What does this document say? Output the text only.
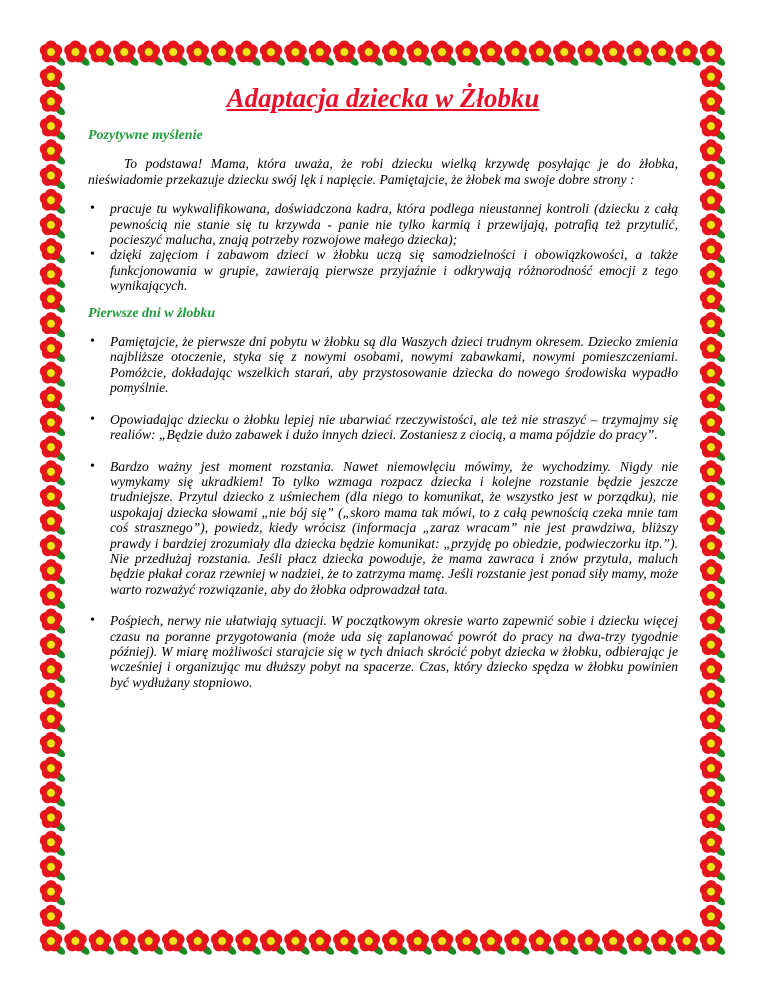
Adaptacja dziecka w Żłobku
Pozytywne myślenie
To podstawa! Mama, która uważa, że robi dziecku wielką krzywdę posyłając je do żłobka, nieświadomie przekazuje dziecku swój lęk i napięcie. Pamiętajcie, że żłobek ma swoje dobre strony :
• pracuje tu wykwalifikowana, doświadczona kadra, która podlega nieustannej kontroli (dziecku z całą pewnością nie stanie się tu krzywda - panie nie tylko karmią i przewijają, potrafią też przytulić, pocieszyć malucha, znają potrzeby rozwojowe małego dziecka);
• dzięki zajęciom i zabawom dzieci w żłobku uczą się samodzielności i obowiązkowości, a także funkcjonowania w grupie, zawierają pierwsze przyjaźnie i odkrywają różnorodność emocji z tego wynikających.
Pierwsze dni w żłobku
• Pamiętajcie, że pierwsze dni pobytu w żłobku są dla Waszych dzieci trudnym okresem. Dziecko zmienia najbliższe otoczenie, styka się z nowymi osobami, nowymi zabawkami, nowymi pomieszczeniami. Pomóżcie, dokładając wszelkich starań, aby przystosowanie dziecka do nowego środowiska wypadło pomyślnie.
• Opowiadając dziecku o żłobku lepiej nie ubarwiać rzeczywistości, ale też nie straszyć – trzymajmy się realiów: „Będzie dużo zabawek i dużo innych dzieci. Zostaniesz z ciocią, a mama pójdzie do pracy”.
• Bardzo ważny jest moment rozstania. Nawet niemowlęciu mówimy, że wychodzimy. Nigdy nie wymykamy się ukradkiem! To tylko wzmaga rozpacz dziecka i kolejne rozstanie będzie jeszcze trudniejsze. Przytul dziecko z uśmiechem (dla niego to komunikat, że wszystko jest w porządku), nie uspokajaj dziecka słowami „nie bój się” („skoro mama tak mówi, to z całą pewnością czeka mnie tam coś strasznego”), powiedz, kiedy wrócisz (informacja „zaraz wracam” nie jest prawdziwa, bliższy prawdy i bardziej zrozumiały dla dziecka będzie komunikat: „przyjdę po obiedzie, podwieczorku itp.”). Nie przedłużaj rozstania. Jeśli płacz dziecka powoduje, że mama zawraca i znów przytula, maluch będzie płakał coraz rzewniej w nadziei, że to zatrzyma mamę. Jeśli rozstanie jest ponad siły mamy, może warto rozważyć rozwiązanie, aby do żłobka odprowadzał tata.
• Pośpiech, nerwy nie ułatwiają sytuacji. W początkowym okresie warto zapewnić sobie i dziecku więcej czasu na poranne przygotowania (może uda się zaplanować powrót do pracy na dwa-trzy tygodnie później). W miarę możliwości starajcie się w tych dniach skrócić pobyt dziecka w żłobku, odbierając je wcześniej i organizując mu dłuższy pobyt na spacerze. Czas, który dziecko spędza w żłobku powinien być wydłużany stopniowo.
